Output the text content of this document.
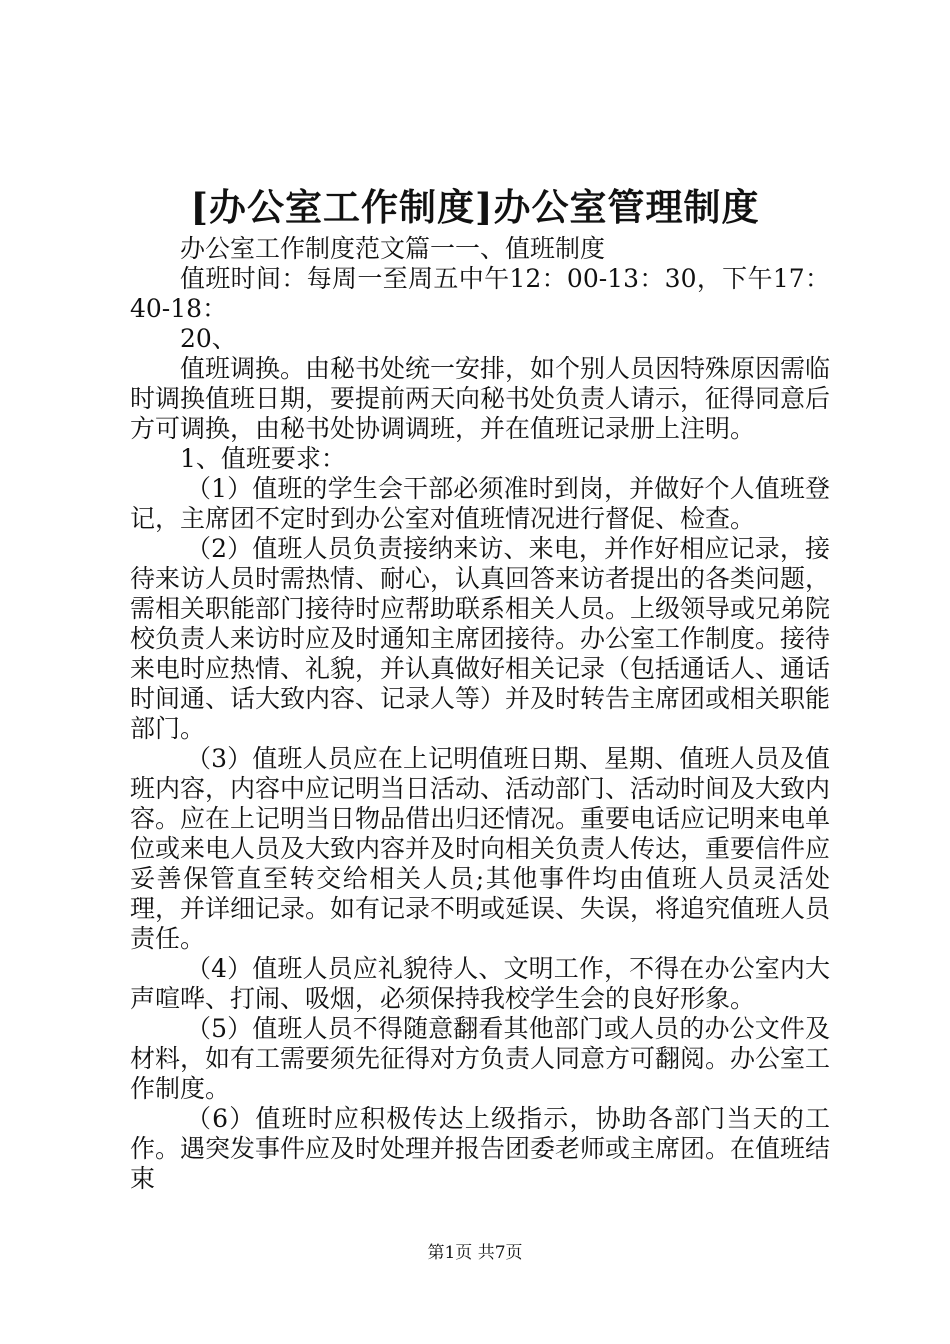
[办公室工作制度]办公室管理制度

办公室工作制度范文篇一一、值班制度

值班时间：每周一至周五中午12：00-13：30，下午17：40-18：

20、

值班调换。由秘书处统一安排，如个别人员因特殊原因需临时调换值班日期，要提前两天向秘书处负责人请示，征得同意后方可调换，由秘书处协调调班，并在值班记录册上注明。

1、值班要求：

（1）值班的学生会干部必须准时到岗，并做好个人值班登记，主席团不定时到办公室对值班情况进行督促、检查。

（2）值班人员负责接纳来访、来电，并作好相应记录，接待来访人员时需热情、耐心，认真回答来访者提出的各类问题，需相关职能部门接待时应帮助联系相关人员。上级领导或兄弟院校负责人来访时应及时通知主席团接待。办公室工作制度。接待来电时应热情、礼貌，并认真做好相关记录（包括通话人、通话时间通、话大致内容、记录人等）并及时转告主席团或相关职能部门。

（3）值班人员应在上记明值班日期、星期、值班人员及值班内容，内容中应记明当日活动、活动部门、活动时间及大致内容。应在上记明当日物品借出归还情况。重要电话应记明来电单位或来电人员及大致内容并及时向相关负责人传达，重要信件应妥善保管直至转交给相关人员;其他事件均由值班人员灵活处理，并详细记录。如有记录不明或延误、失误，将追究值班人员责任。

（4）值班人员应礼貌待人、文明工作，不得在办公室内大声喧哗、打闹、吸烟，必须保持我校学生会的良好形象。

（5）值班人员不得随意翻看其他部门或人员的办公文件及材料，如有工需要须先征得对方负责人同意方可翻阅。办公室工作制度。

（6）值班时应积极传达上级指示，协助各部门当天的工作。遇突发事件应及时处理并报告团委老师或主席团。在值班结束

第1页 共7页
